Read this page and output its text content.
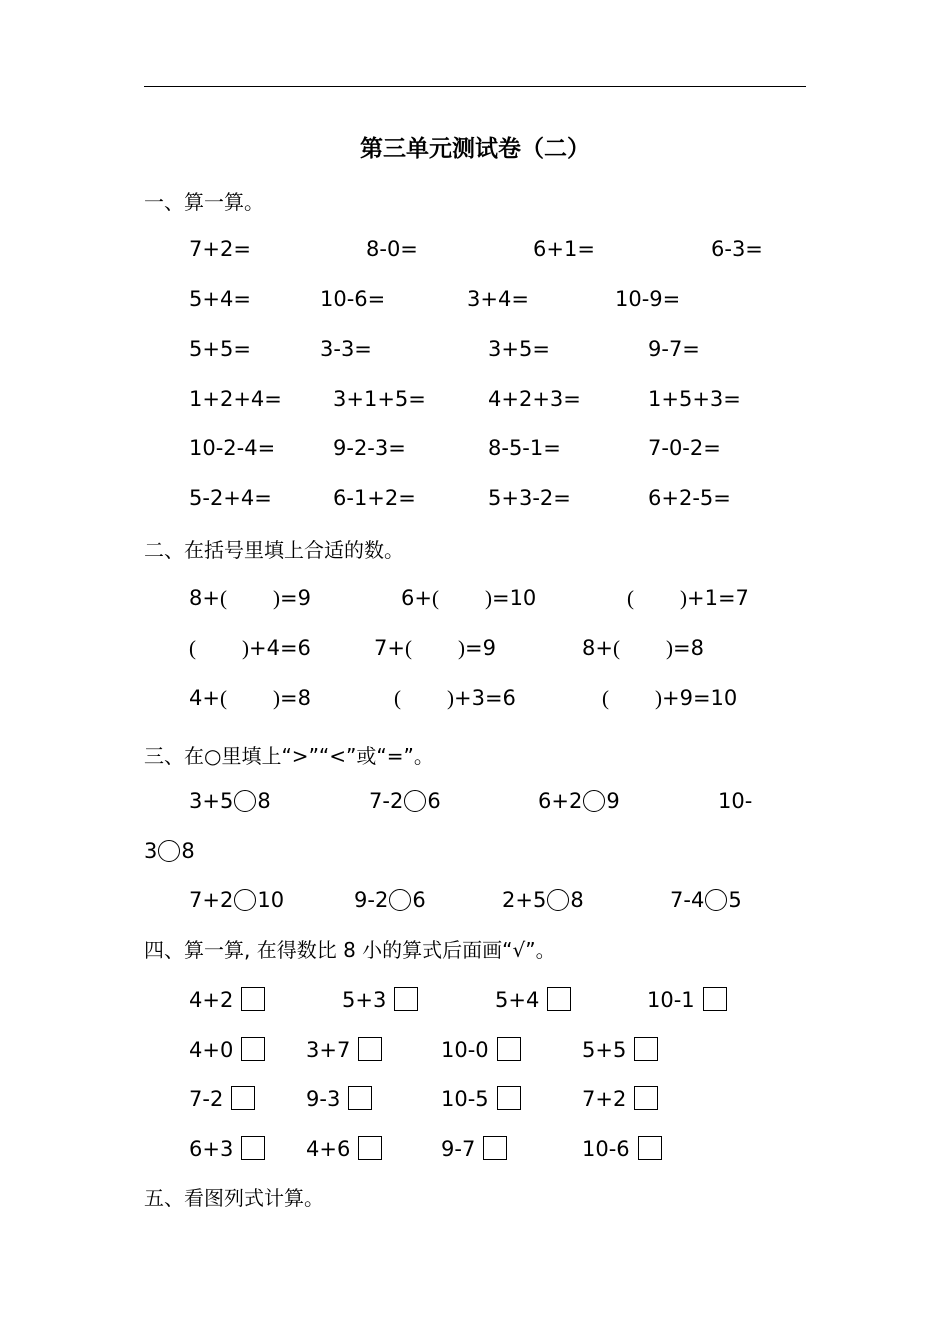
第三单元测试卷（二）
一、算一算。
7+2=	8-0=	6+1=	6-3=
5+4=	10-6=	3+4=	10-9=
5+5=	3-3=	3+5=	9-7=
1+2+4= 3+1+5=	4+2+3=	1+5+3=
10-2-4=	9-2-3=	8-5-1=	7-0-2=
5-2+4=	6-1+2=	5+3-2=	6+2-5=
二、在括号里填上合适的数。
8+( )=9	6+( )=10	( )+1=7
( )+4=6	7+( )=9	8+( )=8
4+( )=8	( )+3=6	( )+9=10
三、在○里填上“>”“<”或“=”。
3+5 8	7-2 6	6+2 9	10-
3 8
7+2 10	9-2 6	2+5 8	7-4 5
四、算一算, 在得数比 8 小的算式后面画“√”。
4+2	5+3	5+4	10-1
4+0	3+7	10-0	5+5
7-2	9-3	10-5	7+2
6+3	4+6	9-7	10-6
五、看图列式计算。
